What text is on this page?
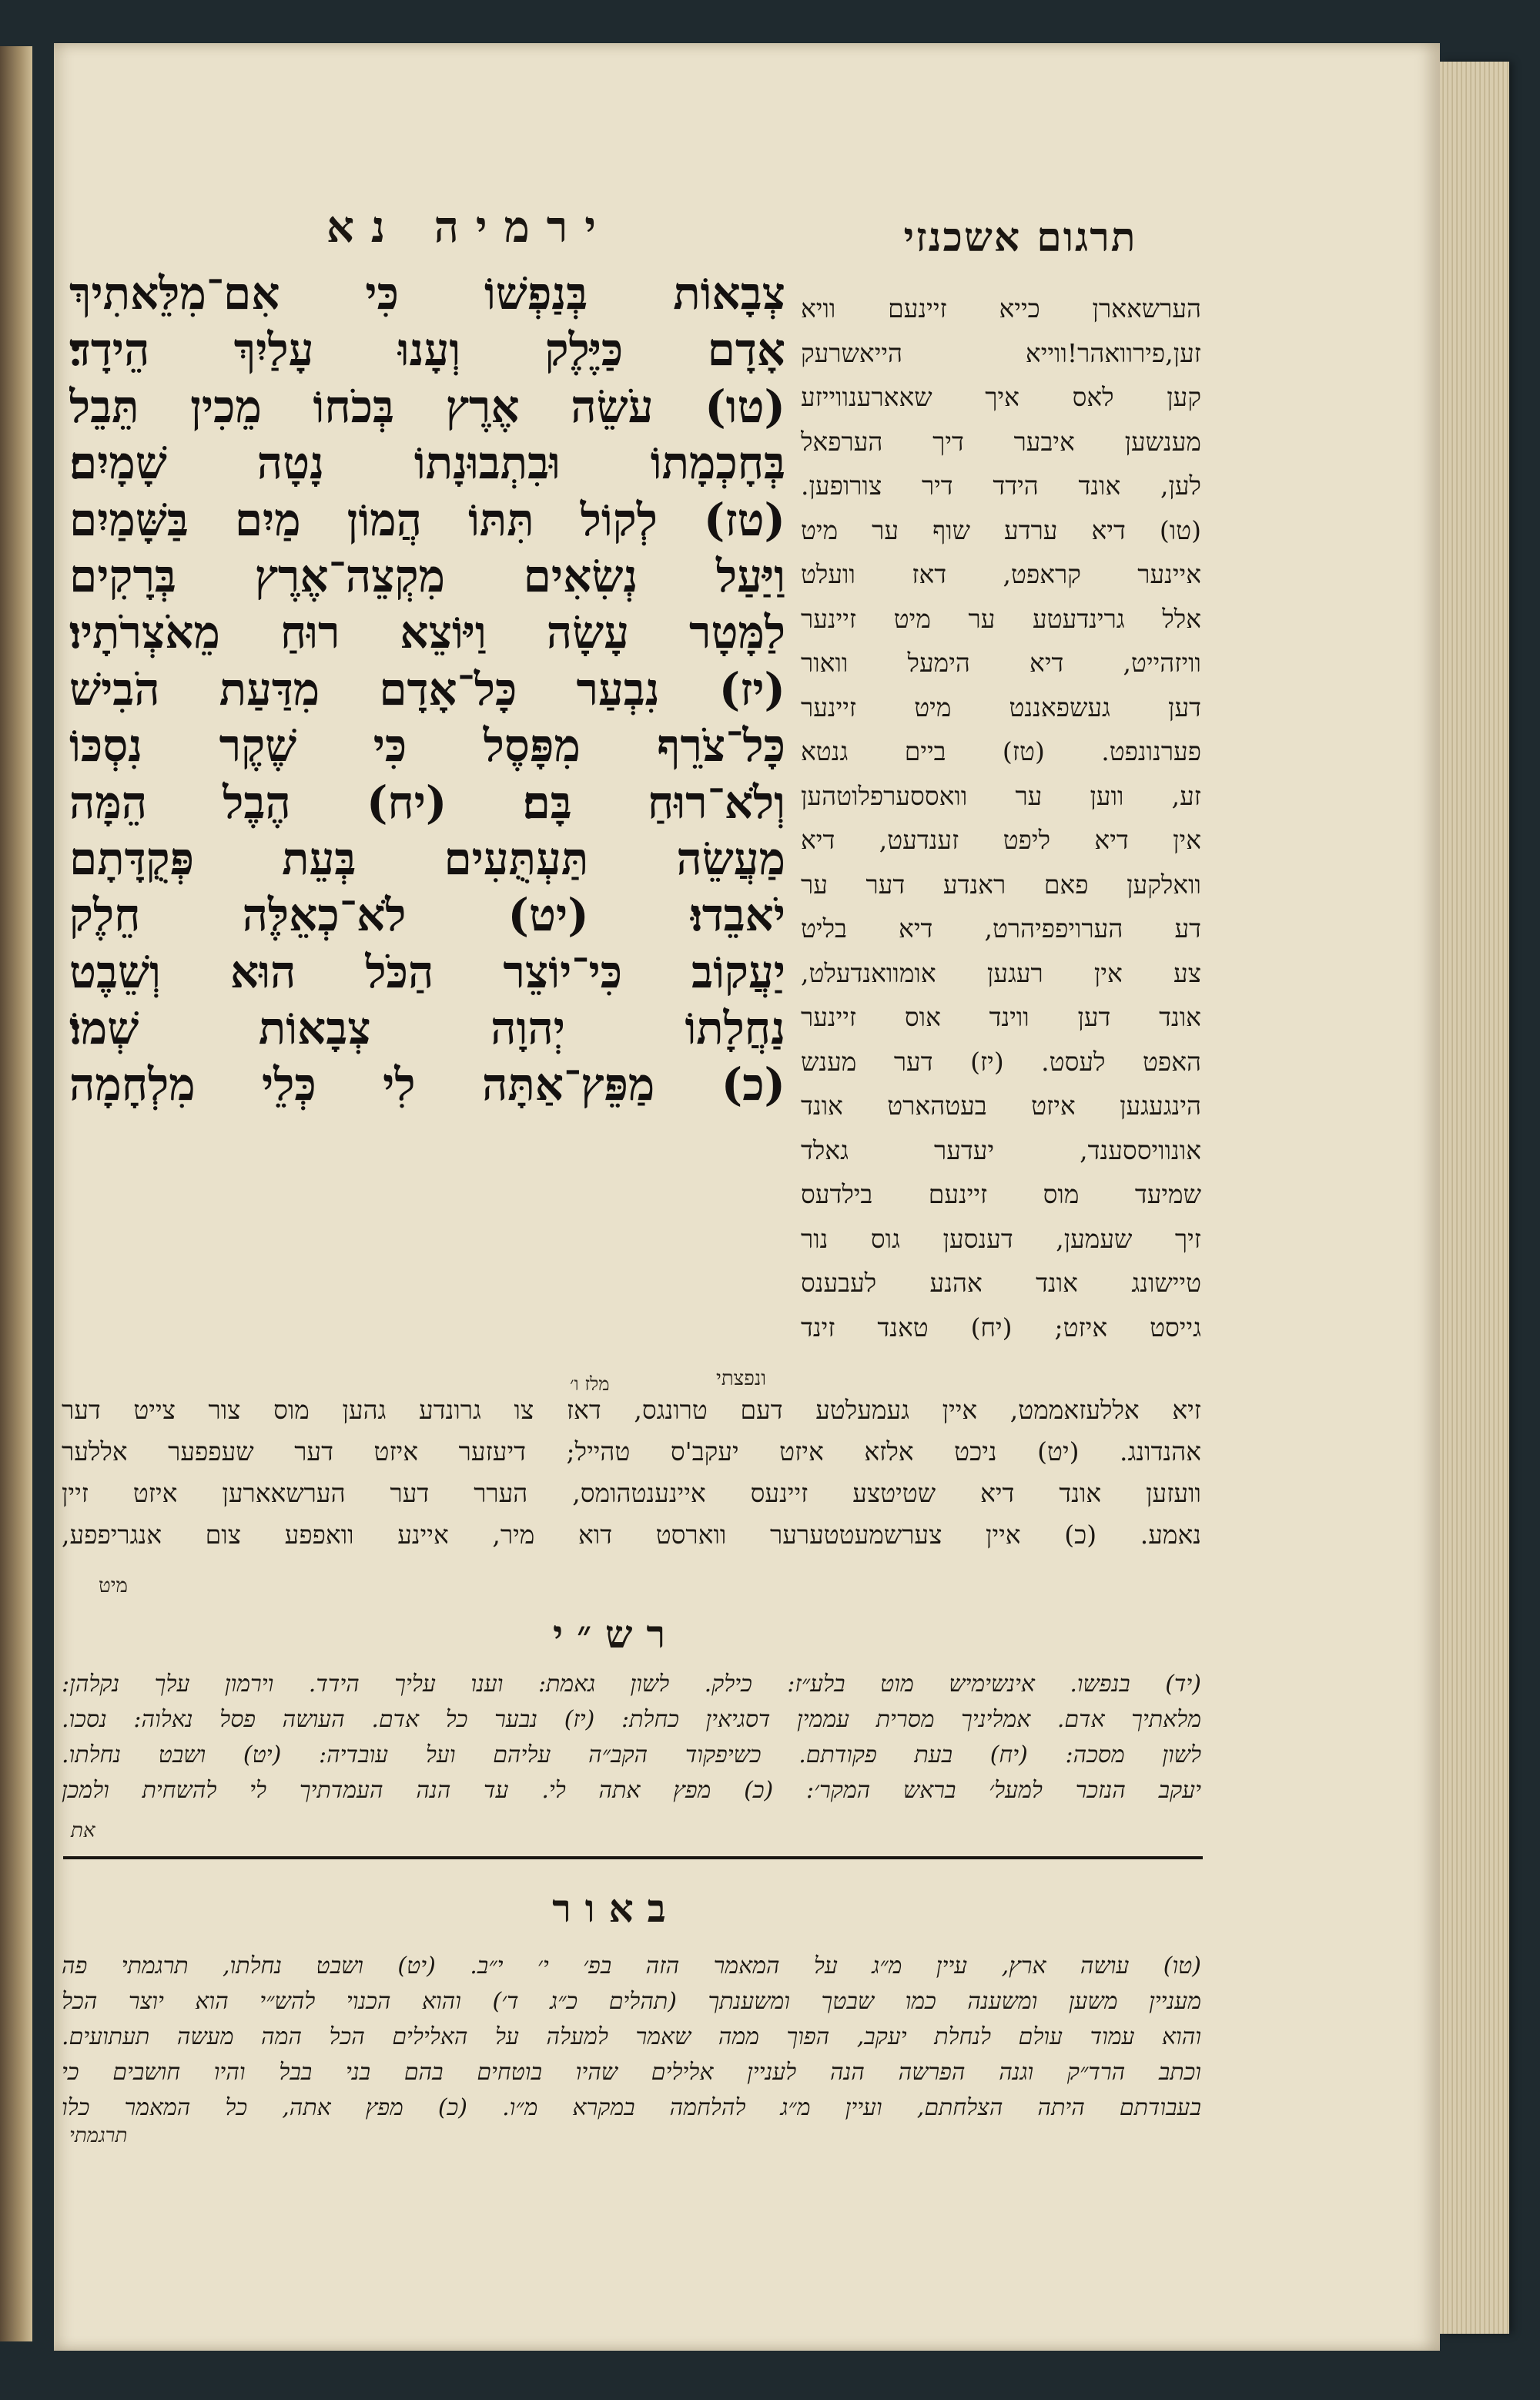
תרגום אשכנזי
הערשאארן כייא זיינעם וויא
זען,פירוואהר!ווייא הייאשרעק
קען לאס איך שאארענווייזע
מענשען איבער דיך הערפאל
לען, אונד הידד דיר צורופען.
(טו) דיא ערדע שוף ער מיט
איינער קראפט, דאז וועלט
אלל גרינדעטע ער מיט זיינער
וויזהייט, דיא הימעל וואור
דען געשפאננט מיט זיינער
פערנונפט. (טז) ביים גנטא
זע, ווען ער וואססערפלוטהען
אין דיא ליפט זענדעט, דיא
וואלקען פאם ראנדע דער ער
דע הערויפפיהרט, דיא בליט
צע אין רעגען אומוואנדעלט,
אונד דען ווינד אוס זיינער
האפט לעסט. (יז) דער מענש
הינגעגען איזט בעטהארט אונד
אונוויססענד, יעדער גאלד
שמיעד מוס זיינעם בילדעס
זיך שעמען, דענסען גוס נור
טיישונג אונד אהנע לעבענס
גייסט איזט; (יח) טאנד זינד
ירמיה נא
צְבָאוֹת בְּנַפְשׁוֹ כִּי אִם־מִלֵּאתִיךְ
אָדָם כַּיֶּלֶק וְעָנוּ עָלַיִךְ הֵידָד׃
(טו) עֹשֵׂה אֶרֶץ בְּכֹחוֹ מֵכִין תֵּבֵל
בְּחָכְמָתוֹ וּבִתְבוּנָתוֹ נָטָה שָׁמָיִם׃
(טז) לְקוֹל תִּתּוֹ הֲמוֹן מַיִם בַּשָּׁמַיִם
וַיַּעַל נְשִׂאִים מִקְצֵה־אֶרֶץ בְּרָקִים
לַמָּטָר עָשָׂה וַיּוֹצֵא רוּחַ מֵאֹצְרֹתָיו׃
(יז) נִבְעַר כָּל־אָדָם מִדַּעַת הֹבִישׁ
כָּל־צֹרֵף מִפָּסֶל כִּי שֶׁקֶר נִסְכּוֹ
וְלֹא־רוּחַ בָּם׃ (יח) הֶבֶל הֵמָּה
מַעֲשֵׂה תַּעְתֻּעִים בְּעֵת פְּקֻדָּתָם
יֹאבֵדוּ׃ (יט) לֹא־כְאֵלֶּה חֵלֶק
יַעֲקוֹב כִּי־יוֹצֵר הַכֹּל הוּא וְשֵׁבֶט
נַחֲלָתוֹ יְהוָה צְבָאוֹת שְׁמוֹ׃
(כ) מַפֵּץ־אַתָּה לִי כְּלֵי מִלְחָמָה
ונפצתי
מלז ו׳
זיא אללעזאממט, איין געמעלטע דעם טרונגס, דאז צו גרונדע גהען מוס צור צייט דער
אהנדונג. (יט) ניכט אלזא איזט יעקב'ס טהייל; דיעזער איזט דער שעפפער אללער
וועזען אונד דיא שטיטצע זיינעס איינענטהומס, הערר דער הערשאארען איזט זיין
נאמע. (כ) איין צערשמעטטערער ווארסט דוא מיר, איינע וואפפע צום אנגריפפע,
מיט
רש״י
(יד) בנפשו. אינשימיש מוט בלע״ז: כילק. לשון גאמת: וענו עליך הידד. וירמון עלך נקלהן:
מלאתיך אדם. אמליניך מסרית עממין דסגיאין כחלת: (יז) נבער כל אדם. העושה פסל נאלוה: נסכו.
לשון מסכה: (יח) בעת פקודתם. כשיפקוד הקב״ה עליהם ועל עובדיה: (יט) ושבט נחלתו.
יעקב הנזכר למעל׳ בראש המקר׳: (כ) מפץ אתה לי. עד הנה העמדתיך לי להשחית ולמכן
את
באור
(טו) עושה ארץ, עיין מ״ג על המאמר הזה בפ׳ י׳ י״ב. (יט) ושבט נחלתו, תרגמתי פה
מעניין משען ומשענה כמו שבטך ומשענתך (תהלים כ״ג ד׳) והוא הכנוי להש״י הוא יוצר הכל
והוא עמוד עולם לנחלת יעקב, הפוך ממה שאמר למעלה על האלילים הכל המה מעשה תעתועים.
וכתב הרד״ק וגנה הפרשה הנה לעניין אלילים שהיו בוטחים בהם בני בבל והיו חושבים כי
בעבודתם היתה הצלחתם, ועיין מ״ג להלחמה במקרא מ״ו. (כ) מפץ אתה, כל המאמר כלו
תרגמתי
